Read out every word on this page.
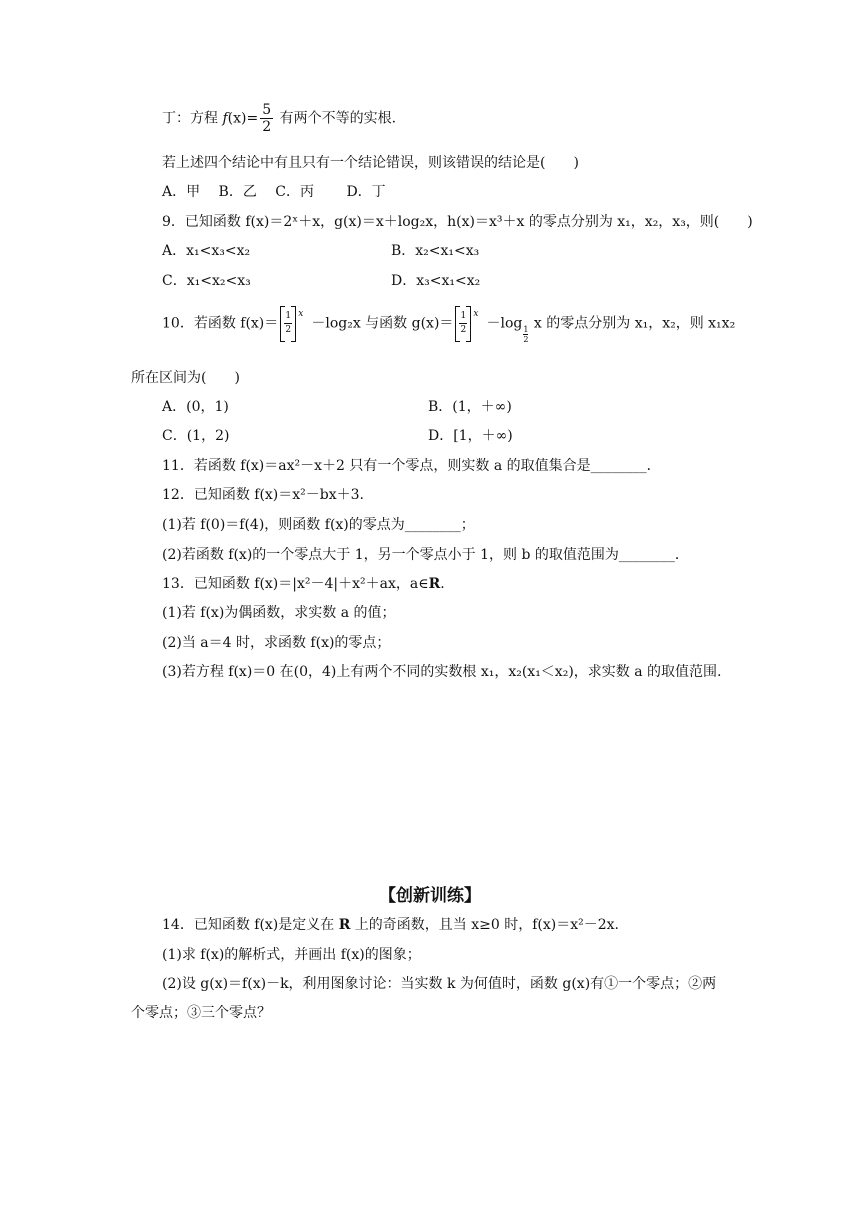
丁：方程 $f(x)= \frac{5}{2}$ 有两个不等的实根.
若上述四个结论中有且只有一个结论错误，则该错误的结论是(　　)
A．甲　 B．乙　 C．丙　　 D．丁
9．已知函数 f(x)＝2ˣ＋x，g(x)＝x＋log₂x，h(x)＝x³＋x 的零点分别为 x₁，x₂，x₃，则(　　)
A．x₁<x₃<x₂	B．x₂<x₁<x₃
C．x₁<x₂<x₃	D．x₃<x₁<x₂
10．若函数 f(x)＝ 1
2
$^x$－log₂x 与函数 g(x)＝ 1
2
$^x$－log
$\frac{1}{2}$
x 的零点分别为 x₁，x₂，则 x₁x₂
所在区间为(　　)
A．(0，1)	B．(1，＋∞)
C．(1，2)	D．[1，＋∞)
11．若函数 f(x)＝ax²－x＋2 只有一个零点，则实数 a 的取值集合是________．
12．已知函数 f(x)＝x²－bx＋3.
(1)若 f(0)＝f(4)，则函数 f(x)的零点为________；
(2)若函数 f(x)的一个零点大于 1，另一个零点小于 1，则 b 的取值范围为________．
13．已知函数 f(x)＝|x²－4|＋x²＋ax，a∈R.
(1)若 f(x)为偶函数，求实数 a 的值；
(2)当 a＝4 时，求函数 f(x)的零点；
(3)若方程 f(x)＝0 在(0，4)上有两个不同的实数根 x₁，x₂(x₁＜x₂)，求实数 a 的取值范围.
【创新训练】
14．已知函数 f(x)是定义在 R 上的奇函数，且当 x≥0 时，f(x)＝x²－2x.
(1)求 f(x)的解析式，并画出 f(x)的图象；
(2)设 g(x)＝f(x)－k，利用图象讨论：当实数 k 为何值时，函数 g(x)有①一个零点；②两
个零点；③三个零点？
